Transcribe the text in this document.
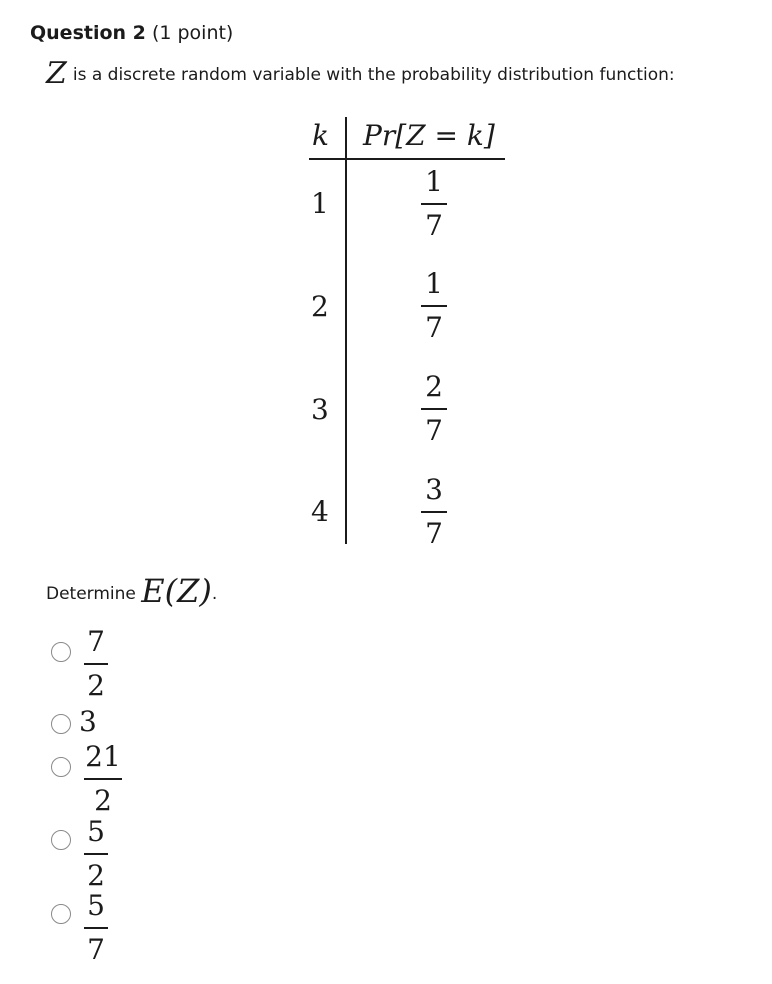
Question 2 (1 point)
Zis a discrete random variable with the probability distribution function:
k Pr[Z = k]
1
1
7
2
1
7
3
2
7
4
3
7
Determine E(Z).
7
2
3
21
2
5
2
5
7
